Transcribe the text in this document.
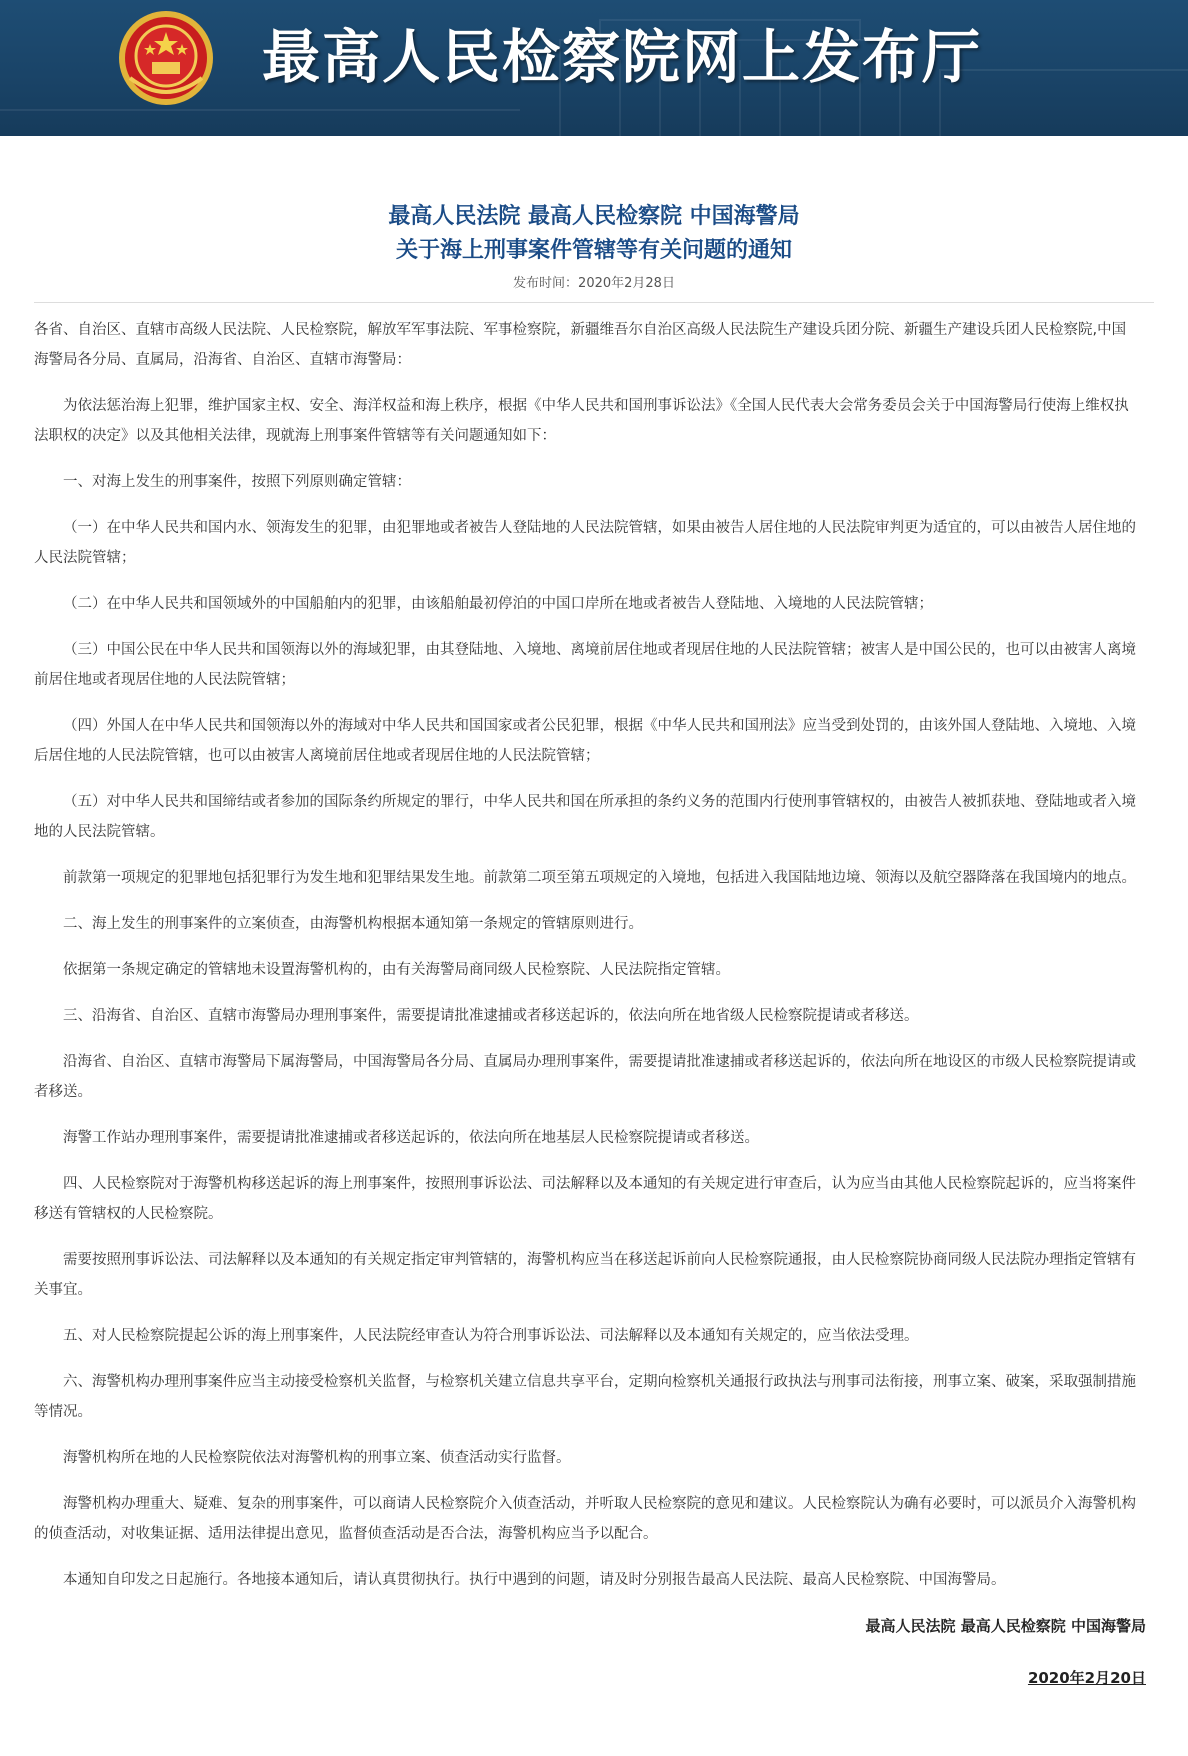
最高人民检察院网上发布厅
最高人民法院 最高人民检察院 中国海警局
关于海上刑事案件管辖等有关问题的通知
发布时间：2020年2月28日

各省、自治区、直辖市高级人民法院、人民检察院，解放军军事法院、军事检察院，新疆维吾尔自治区高级人民法院生产建设兵团分院、新疆生产建设兵团人民检察院,中国海警局各分局、直属局，沿海省、自治区、直辖市海警局：

为依法惩治海上犯罪，维护国家主权、安全、海洋权益和海上秩序，根据《中华人民共和国刑事诉讼法》《全国人民代表大会常务委员会关于中国海警局行使海上维权执法职权的决定》以及其他相关法律，现就海上刑事案件管辖等有关问题通知如下：

一、对海上发生的刑事案件，按照下列原则确定管辖：

（一）在中华人民共和国内水、领海发生的犯罪，由犯罪地或者被告人登陆地的人民法院管辖，如果由被告人居住地的人民法院审判更为适宜的，可以由被告人居住地的人民法院管辖；

（二）在中华人民共和国领域外的中国船舶内的犯罪，由该船舶最初停泊的中国口岸所在地或者被告人登陆地、入境地的人民法院管辖；

（三）中国公民在中华人民共和国领海以外的海域犯罪，由其登陆地、入境地、离境前居住地或者现居住地的人民法院管辖；被害人是中国公民的，也可以由被害人离境前居住地或者现居住地的人民法院管辖；

（四）外国人在中华人民共和国领海以外的海域对中华人民共和国国家或者公民犯罪，根据《中华人民共和国刑法》应当受到处罚的，由该外国人登陆地、入境地、入境后居住地的人民法院管辖，也可以由被害人离境前居住地或者现居住地的人民法院管辖；

（五）对中华人民共和国缔结或者参加的国际条约所规定的罪行，中华人民共和国在所承担的条约义务的范围内行使刑事管辖权的，由被告人被抓获地、登陆地或者入境地的人民法院管辖。

前款第一项规定的犯罪地包括犯罪行为发生地和犯罪结果发生地。前款第二项至第五项规定的入境地，包括进入我国陆地边境、领海以及航空器降落在我国境内的地点。

二、海上发生的刑事案件的立案侦查，由海警机构根据本通知第一条规定的管辖原则进行。

依据第一条规定确定的管辖地未设置海警机构的，由有关海警局商同级人民检察院、人民法院指定管辖。

三、沿海省、自治区、直辖市海警局办理刑事案件，需要提请批准逮捕或者移送起诉的，依法向所在地省级人民检察院提请或者移送。

沿海省、自治区、直辖市海警局下属海警局，中国海警局各分局、直属局办理刑事案件，需要提请批准逮捕或者移送起诉的，依法向所在地设区的市级人民检察院提请或者移送。

海警工作站办理刑事案件，需要提请批准逮捕或者移送起诉的，依法向所在地基层人民检察院提请或者移送。

四、人民检察院对于海警机构移送起诉的海上刑事案件，按照刑事诉讼法、司法解释以及本通知的有关规定进行审查后，认为应当由其他人民检察院起诉的，应当将案件移送有管辖权的人民检察院。

需要按照刑事诉讼法、司法解释以及本通知的有关规定指定审判管辖的，海警机构应当在移送起诉前向人民检察院通报，由人民检察院协商同级人民法院办理指定管辖有关事宜。

五、对人民检察院提起公诉的海上刑事案件，人民法院经审查认为符合刑事诉讼法、司法解释以及本通知有关规定的，应当依法受理。

六、海警机构办理刑事案件应当主动接受检察机关监督，与检察机关建立信息共享平台，定期向检察机关通报行政执法与刑事司法衔接，刑事立案、破案，采取强制措施等情况。

海警机构所在地的人民检察院依法对海警机构的刑事立案、侦查活动实行监督。

海警机构办理重大、疑难、复杂的刑事案件，可以商请人民检察院介入侦查活动，并听取人民检察院的意见和建议。人民检察院认为确有必要时，可以派员介入海警机构的侦查活动，对收集证据、适用法律提出意见，监督侦查活动是否合法，海警机构应当予以配合。

本通知自印发之日起施行。各地接本通知后，请认真贯彻执行。执行中遇到的问题，请及时分别报告最高人民法院、最高人民检察院、中国海警局。

最高人民法院 最高人民检察院 中国海警局
2020年2月20日
